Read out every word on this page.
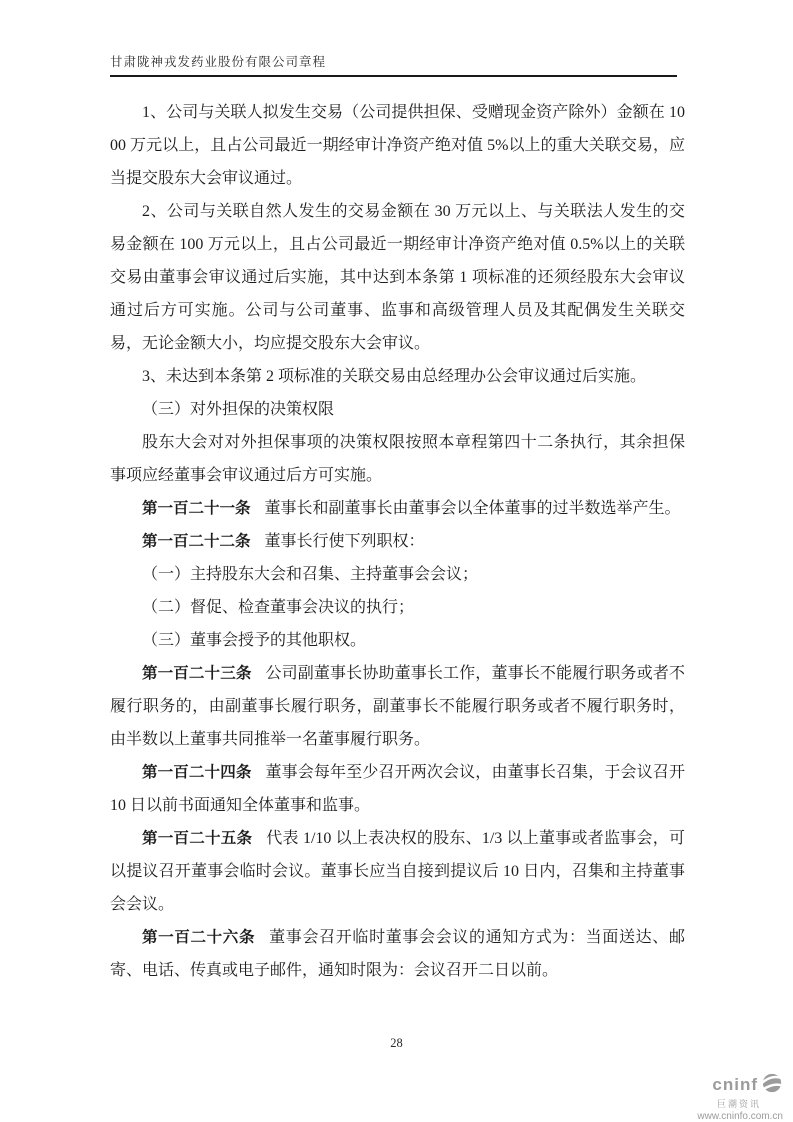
甘肃陇神戎发药业股份有限公司章程

1、公司与关联人拟发生交易（公司提供担保、受赠现金资产除外）金额在 1000 万元以上，且占公司最近一期经审计净资产绝对值 5%以上的重大关联交易，应当提交股东大会审议通过。

2、公司与关联自然人发生的交易金额在 30 万元以上、与关联法人发生的交易金额在 100 万元以上，且占公司最近一期经审计净资产绝对值 0.5%以上的关联交易由董事会审议通过后实施，其中达到本条第 1 项标准的还须经股东大会审议通过后方可实施。公司与公司董事、监事和高级管理人员及其配偶发生关联交易，无论金额大小，均应提交股东大会审议。

3、未达到本条第 2 项标准的关联交易由总经理办公会审议通过后实施。

（三）对外担保的决策权限

股东大会对对外担保事项的决策权限按照本章程第四十二条执行，其余担保事项应经董事会审议通过后方可实施。

第一百二十一条 董事长和副董事长由董事会以全体董事的过半数选举产生。

第一百二十二条 董事长行使下列职权：

（一）主持股东大会和召集、主持董事会会议；

（二）督促、检查董事会决议的执行；

（三）董事会授予的其他职权。

第一百二十三条 公司副董事长协助董事长工作，董事长不能履行职务或者不履行职务的，由副董事长履行职务，副董事长不能履行职务或者不履行职务时，由半数以上董事共同推举一名董事履行职务。

第一百二十四条 董事会每年至少召开两次会议，由董事长召集，于会议召开 10 日以前书面通知全体董事和监事。

第一百二十五条 代表 1/10 以上表决权的股东、1/3 以上董事或者监事会，可以提议召开董事会临时会议。董事长应当自接到提议后 10 日内，召集和主持董事会会议。

第一百二十六条 董事会召开临时董事会会议的通知方式为：当面送达、邮寄、电话、传真或电子邮件，通知时限为：会议召开二日以前。

28
cninf
巨潮资讯
www.cninfo.com.cn
